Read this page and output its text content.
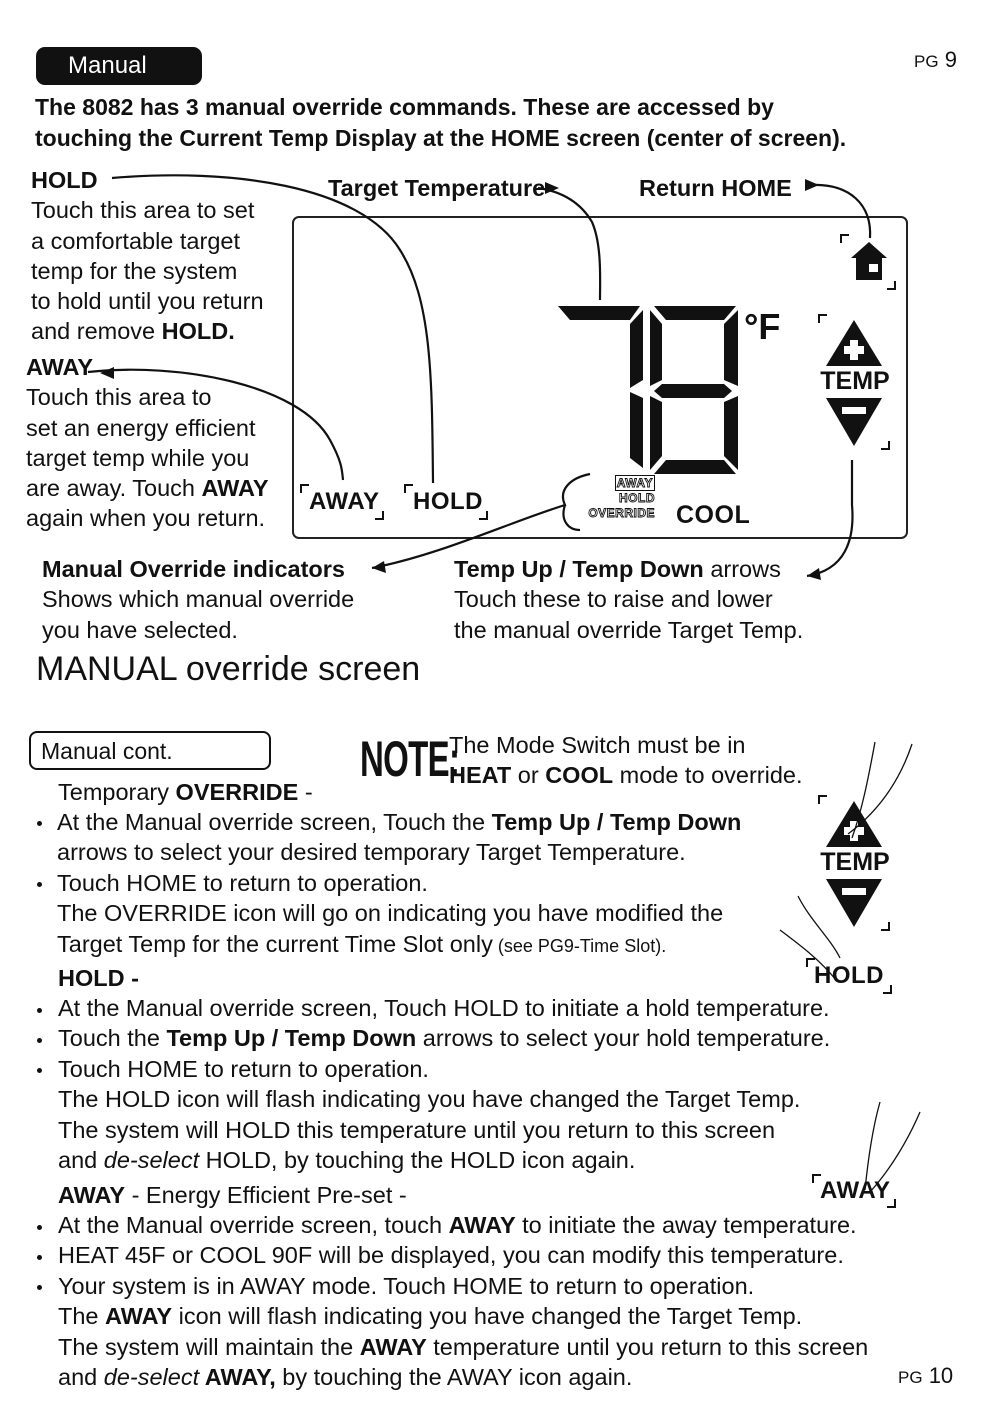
Manual	PG 9
The 8082 has 3 manual override commands. These are accessed by
touching the Current Temp Display at the HOME screen (center of screen).
HOLD
Touch this area to set
a comfortable target
temp for the system
to hold until you return
and remove HOLD.
AWAY
Touch this area to
set an energy efficient
target temp while you
are away. Touch AWAY
again when you return.
Target Temperature	Return HOME
°F
TEMP
AWAY HOLD
AWAY
HOLD
OVERRIDE COOL
Manual Override indicators
Shows which manual override
you have selected.
Temp Up / Temp Down arrows
Touch these to raise and lower
the manual override Target Temp.
MANUAL override screen
Manual cont.	NOTE:
The Mode Switch must be in
HEAT or COOL mode to override.
Temporary OVERRIDE -
At the Manual override screen, Touch the Temp Up / Temp Down
arrows to select your desired temporary Target Temperature.
Touch HOME to return to operation.
The OVERRIDE icon will go on indicating you have modified the
Target Temp for the current Time Slot only (see PG9-Time Slot).
HOLD -
At the Manual override screen, Touch HOLD to initiate a hold temperature.
Touch the Temp Up / Temp Down arrows to select your hold temperature.
Touch HOME to return to operation.
The HOLD icon will flash indicating you have changed the Target Temp.
The system will HOLD this temperature until you return to this screen
and de-select HOLD, by touching the HOLD icon again.
AWAY - Energy Efficient Pre-set -
At the Manual override screen, touch AWAY to initiate the away temperature.
HEAT 45F or COOL 90F will be displayed, you can modify this temperature.
Your system is in AWAY mode. Touch HOME to return to operation.
The AWAY icon will flash indicating you have changed the Target Temp.
The system will maintain the AWAY temperature until you return to this screen
and de-select AWAY, by touching the AWAY icon again.
TEMP
HOLD
AWAY
PG 10
